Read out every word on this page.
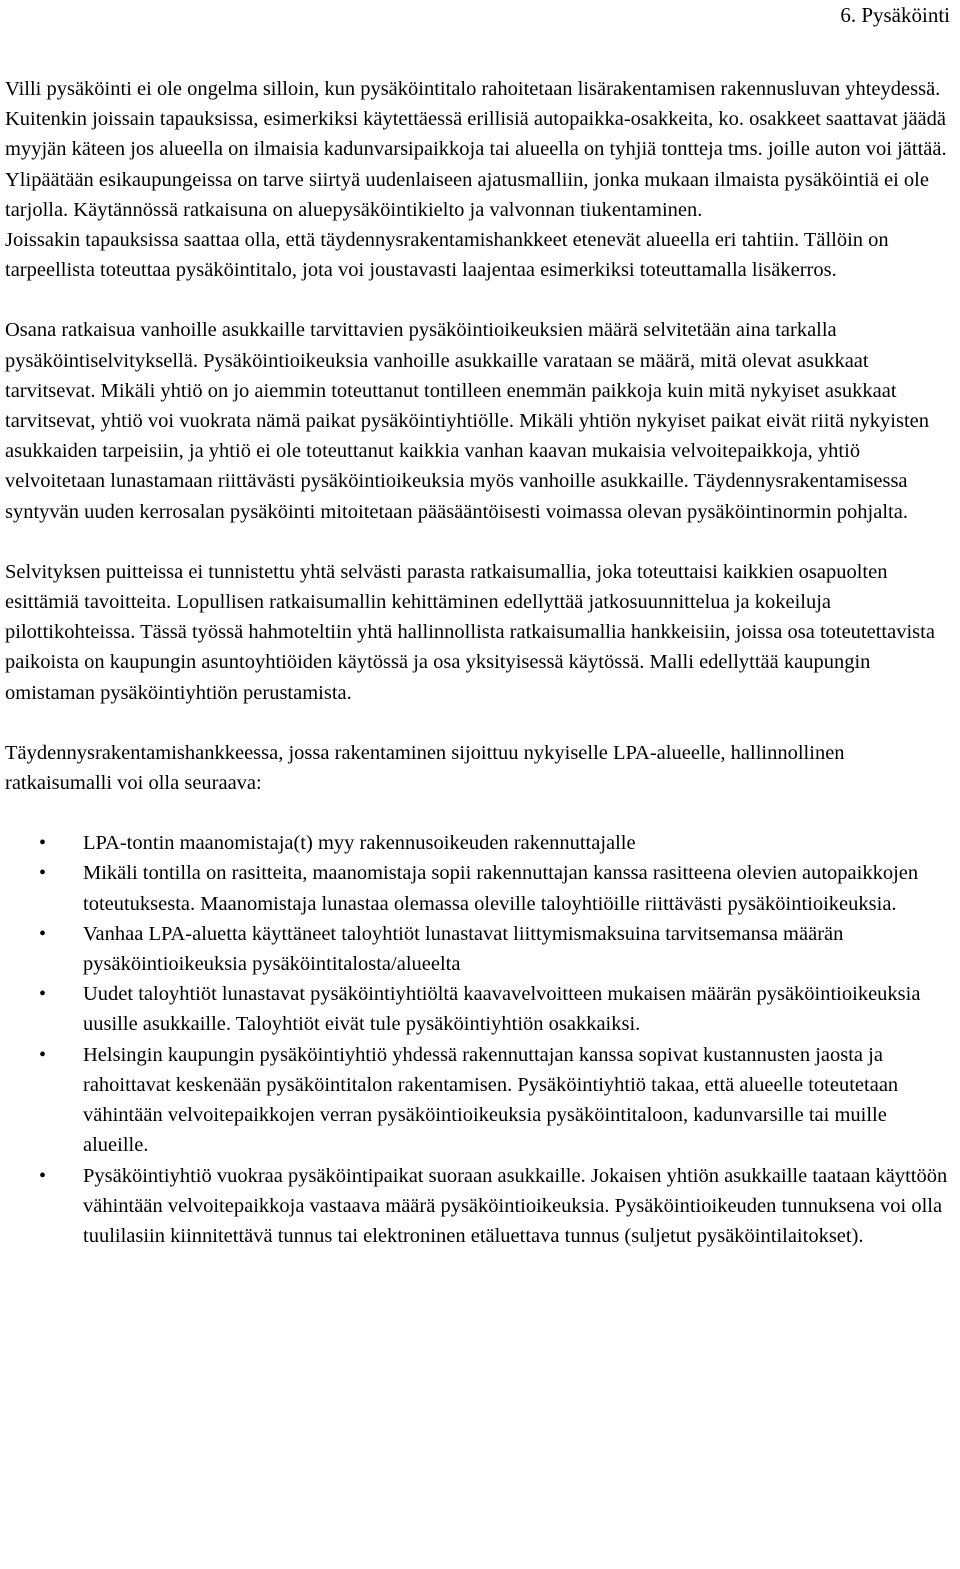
6. Pysäköinti

Villi pysäköinti ei ole ongelma silloin, kun pysäköintitalo rahoitetaan lisärakentamisen rakennusluvan yhteydessä. Kuitenkin joissain tapauksissa, esimerkiksi käytettäessä erillisiä autopaikka-osakkeita, ko. osakkeet saattavat jäädä myyjän käteen jos alueella on ilmaisia kadunvarsipaikkoja tai alueella on tyhjiä tontteja tms. joille auton voi jättää. Ylipäätään esikaupungeissa on tarve siirtyä uudenlaiseen ajatusmalliin, jonka mukaan ilmaista pysäköintiä ei ole tarjolla. Käytännössä ratkaisuna on aluepysäköintikielto ja valvonnan tiukentaminen.

Joissakin tapauksissa saattaa olla, että täydennysrakentamishankkeet etenevät alueella eri tahtiin. Tällöin on tarpeellista toteuttaa pysäköintitalo, jota voi joustavasti laajentaa esimerkiksi toteuttamalla lisäkerros.

Osana ratkaisua vanhoille asukkaille tarvittavien pysäköintioikeuksien määrä selvitetään aina tarkalla pysäköintiselvityksellä. Pysäköintioikeuksia vanhoille asukkaille varataan se määrä, mitä olevat asukkaat tarvitsevat. Mikäli yhtiö on jo aiemmin toteuttanut tontilleen enemmän paikkoja kuin mitä nykyiset asukkaat tarvitsevat, yhtiö voi vuokrata nämä paikat pysäköintiyhtiölle. Mikäli yhtiön nykyiset paikat eivät riitä nykyisten asukkaiden tarpeisiin, ja yhtiö ei ole toteuttanut kaikkia vanhan kaavan mukaisia velvoitepaikkoja, yhtiö velvoitetaan lunastamaan riittävästi pysäköintioikeuksia myös vanhoille asukkaille. Täydennysrakentamisessa syntyvän uuden kerrosalan pysäköinti mitoitetaan pääsääntöisesti voimassa olevan pysäköintinormin pohjalta.

Selvityksen puitteissa ei tunnistettu yhtä selvästi parasta ratkaisumallia, joka toteuttaisi kaikkien osapuolten esittämiä tavoitteita. Lopullisen ratkaisumallin kehittäminen edellyttää jatkosuunnittelua ja kokeiluja pilottikohteissa. Tässä työssä hahmoteltiin yhtä hallinnollista ratkaisumallia hankkeisiin, joissa osa toteutettavista paikoista on kaupungin asuntoyhtiöiden käytössä ja osa yksityisessä käytössä. Malli edellyttää kaupungin omistaman pysäköintiyhtiön perustamista.

Täydennysrakentamishankkeessa, jossa rakentaminen sijoittuu nykyiselle LPA-alueelle, hallinnollinen ratkaisumalli voi olla seuraava:

• LPA-tontin maanomistaja(t) myy rakennusoikeuden rakennuttajalle
• Mikäli tontilla on rasitteita, maanomistaja sopii rakennuttajan kanssa rasitteena olevien autopaikkojen toteutuksesta. Maanomistaja lunastaa olemassa oleville taloyhtiöille riittävästi pysäköintioikeuksia.
• Vanhaa LPA-aluetta käyttäneet taloyhtiöt lunastavat liittymismaksuina tarvitsemansa määrän pysäköintioikeuksia pysäköintitalosta/alueelta
• Uudet taloyhtiöt lunastavat pysäköintiyhtiöltä kaavavelvoitteen mukaisen määrän pysäköintioikeuksia uusille asukkaille. Taloyhtiöt eivät tule pysäköintiyhtiön osakkaiksi.
• Helsingin kaupungin pysäköintiyhtiö yhdessä rakennuttajan kanssa sopivat kustannusten jaosta ja rahoittavat keskenään pysäköintitalon rakentamisen. Pysäköintiyhtiö takaa, että alueelle toteutetaan vähintään velvoitepaikkojen verran pysäköintioikeuksia pysäköintitaloon, kadunvarsille tai muille alueille.
• Pysäköintiyhtiö vuokraa pysäköintipaikat suoraan asukkaille. Jokaisen yhtiön asukkaille taataan käyttöön vähintään velvoitepaikkoja vastaava määrä pysäköintioikeuksia. Pysäköintioikeuden tunnuksena voi olla tuulilasiin kiinnitettävä tunnus tai elektroninen etäluettava tunnus (suljetut pysäköintilaitokset).
